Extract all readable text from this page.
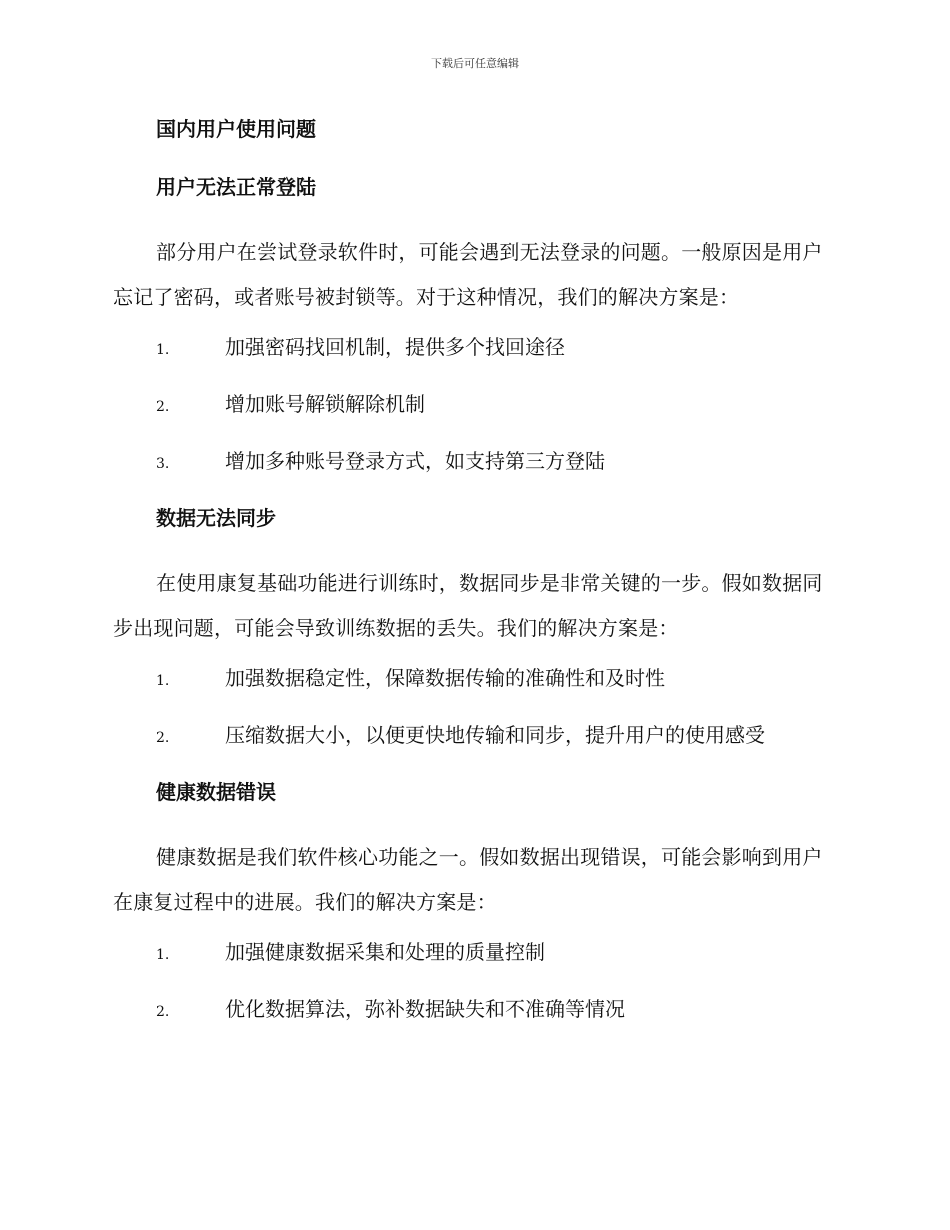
下载后可任意编辑
国内用户使用问题
用户无法正常登陆

部分用户在尝试登录软件时，可能会遇到无法登录的问题。一般原因是用户忘记了密码，或者账号被封锁等。对于这种情况，我们的解决方案是：

1.	加强密码找回机制，提供多个找回途径
2.	增加账号解锁解除机制
3.	增加多种账号登录方式，如支持第三方登陆
数据无法同步

在使用康复基础功能进行训练时，数据同步是非常关键的一步。假如数据同步出现问题，可能会导致训练数据的丢失。我们的解决方案是：

1.	加强数据稳定性，保障数据传输的准确性和及时性
2.	压缩数据大小，以便更快地传输和同步，提升用户的使用感受
健康数据错误

健康数据是我们软件核心功能之一。假如数据出现错误，可能会影响到用户在康复过程中的进展。我们的解决方案是：

1.	加强健康数据采集和处理的质量控制
2.	优化数据算法，弥补数据缺失和不准确等情况
